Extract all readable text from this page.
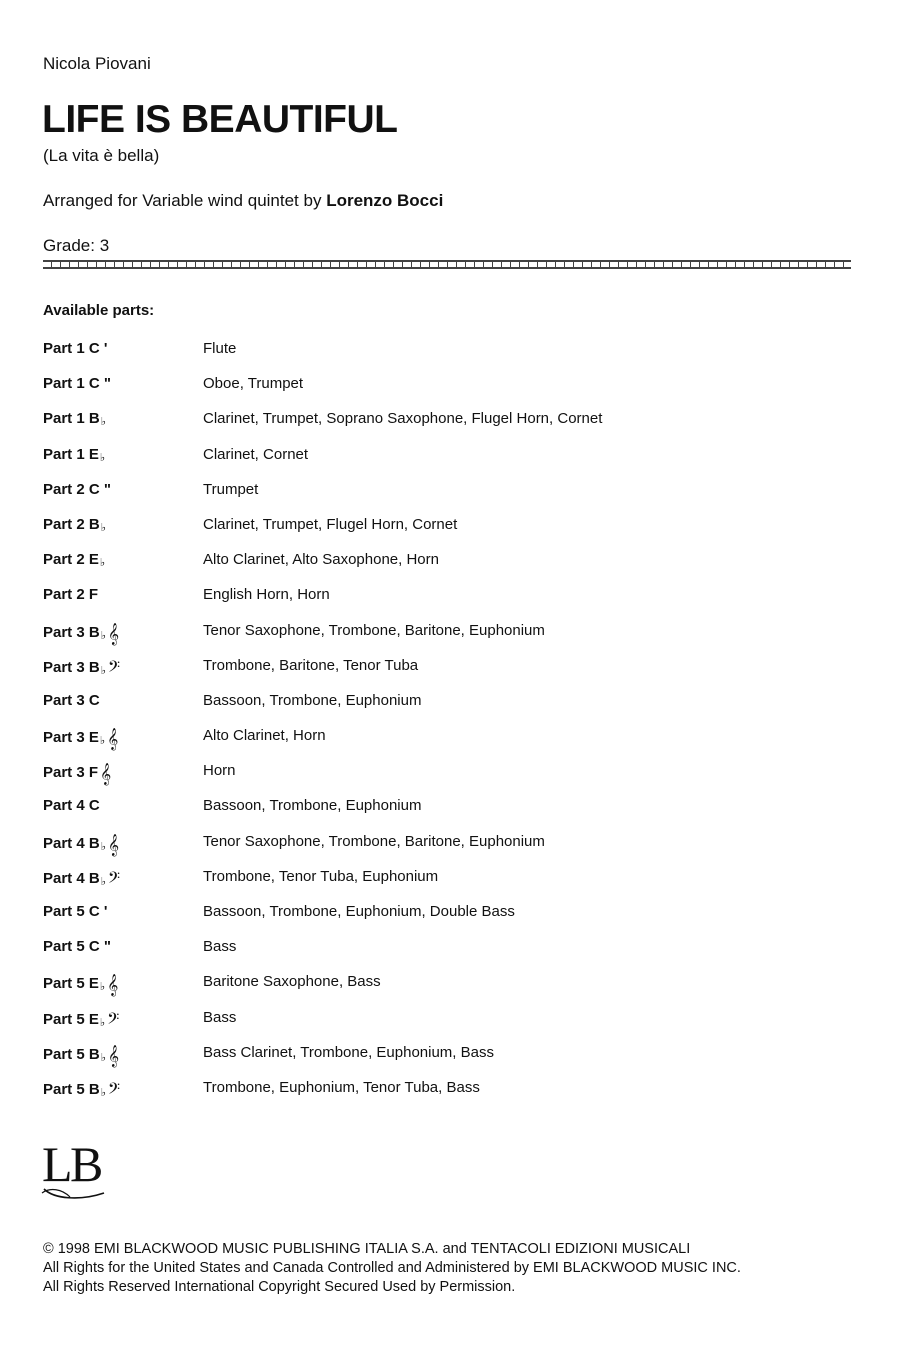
Nicola Piovani
LIFE IS BEAUTIFUL
(La vita è bella)
Arranged for Variable wind quintet by Lorenzo Bocci
Grade: 3
Available parts:
Part 1 C '	Flute
Part 1 C "	Oboe, Trumpet
Part 1 B ♭	Clarinet, Trumpet, Soprano Saxophone, Flugel Horn, Cornet
Part 1 E ♭	Clarinet, Cornet
Part 2 C "	Trumpet
Part 2 B ♭	Clarinet, Trumpet, Flugel Horn, Cornet
Part 2 E ♭	Alto Clarinet, Alto Saxophone, Horn
Part 2 F	English Horn, Horn
Part 3 B ♭ 𝄞	Tenor Saxophone, Trombone, Baritone, Euphonium
Part 3 B ♭ 𝄢	Trombone, Baritone, Tenor Tuba
Part 3 C	Bassoon, Trombone, Euphonium
Part 3 E ♭ 𝄞	Alto Clarinet, Horn
Part 3 F 𝄞	Horn
Part 4 C	Bassoon, Trombone, Euphonium
Part 4 B ♭ 𝄞	Tenor Saxophone, Trombone, Baritone, Euphonium
Part 4 B ♭ 𝄢	Trombone, Tenor Tuba, Euphonium
Part 5 C '	Bassoon, Trombone, Euphonium, Double Bass
Part 5 C "	Bass
Part 5 E ♭ 𝄞	Baritone Saxophone, Bass
Part 5 E ♭ 𝄢	Bass
Part 5 B ♭ 𝄞	Bass Clarinet, Trombone, Euphonium, Bass
Part 5 B ♭ 𝄢	Trombone, Euphonium, Tenor Tuba, Bass
L
B
© 1998 EMI BLACKWOOD MUSIC PUBLISHING ITALIA S.A. and TENTACOLI EDIZIONI MUSICALI
All Rights for the United States and Canada Controlled and Administered by EMI BLACKWOOD MUSIC INC.
All Rights Reserved International Copyright Secured Used by Permission.
